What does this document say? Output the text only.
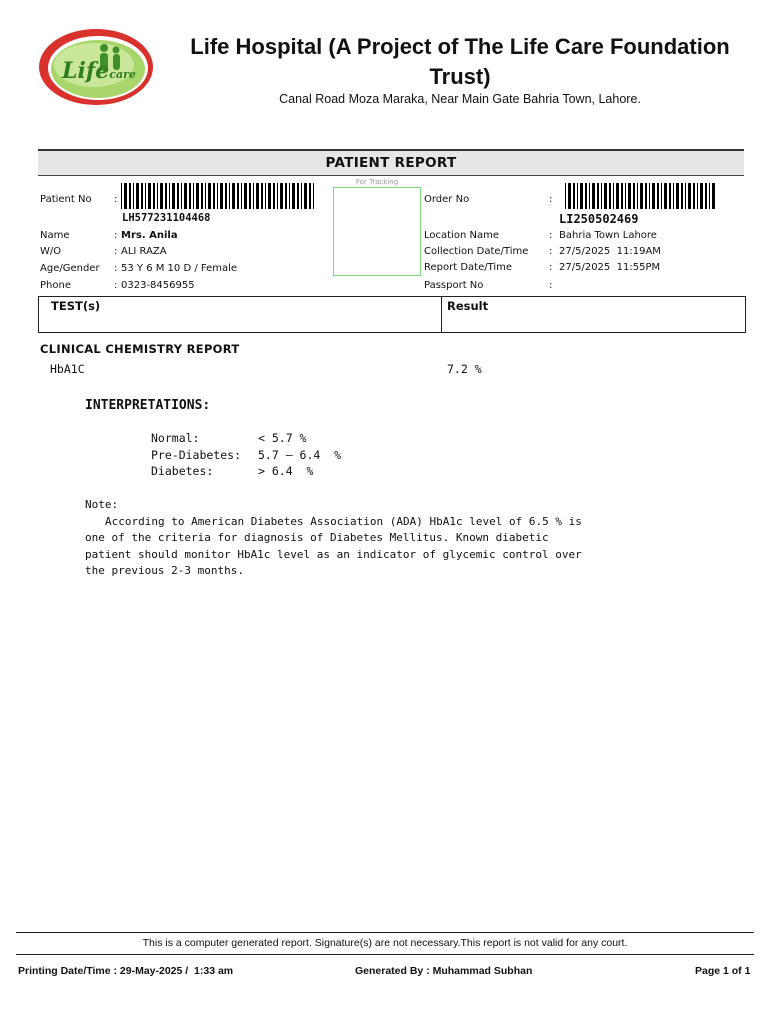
Lifecare
Life Hospital (A Project of The Life Care Foundation Trust)
Canal Road Moza Maraka, Near Main Gate Bahria Town, Lahore.
PATIENT REPORT
Patient No :
LH577231104468
Name	: Mrs. Anila
W/O	: ALI RAZA
Age/Gender : 53 Y 6 M 10 D / Female
Phone	: 0323-8456955
For Tracking
Order No	:
LI250502469
Location Name	: Bahria Town Lahore
Collection Date/Time : 27/5/2025  11:19AM
Report Date/Time	: 27/5/2025  11:55PM
Passport No	:
TEST(s)	Result
CLINICAL CHEMISTRY REPORT
HbA1C	7.2 %
INTERPRETATIONS:
Normal:	< 5.7 %
Pre-Diabetes: 5.7 – 6.4  %
Diabetes:	> 6.4  %

Note:

According to American Diabetes Association (ADA) HbA1c level of 6.5 % is one of the criteria for diagnosis of Diabetes Mellitus. Known diabetic patient should monitor HbA1c level as an indicator of glycemic control over the previous 2-3 months.

This is a computer generated report. Signature(s) are not necessary.This report is not valid for any court.
Printing Date/Time : 29-May-2025 /  1:33 am	Generated By : Muhammad Subhan	Page 1 of 1
